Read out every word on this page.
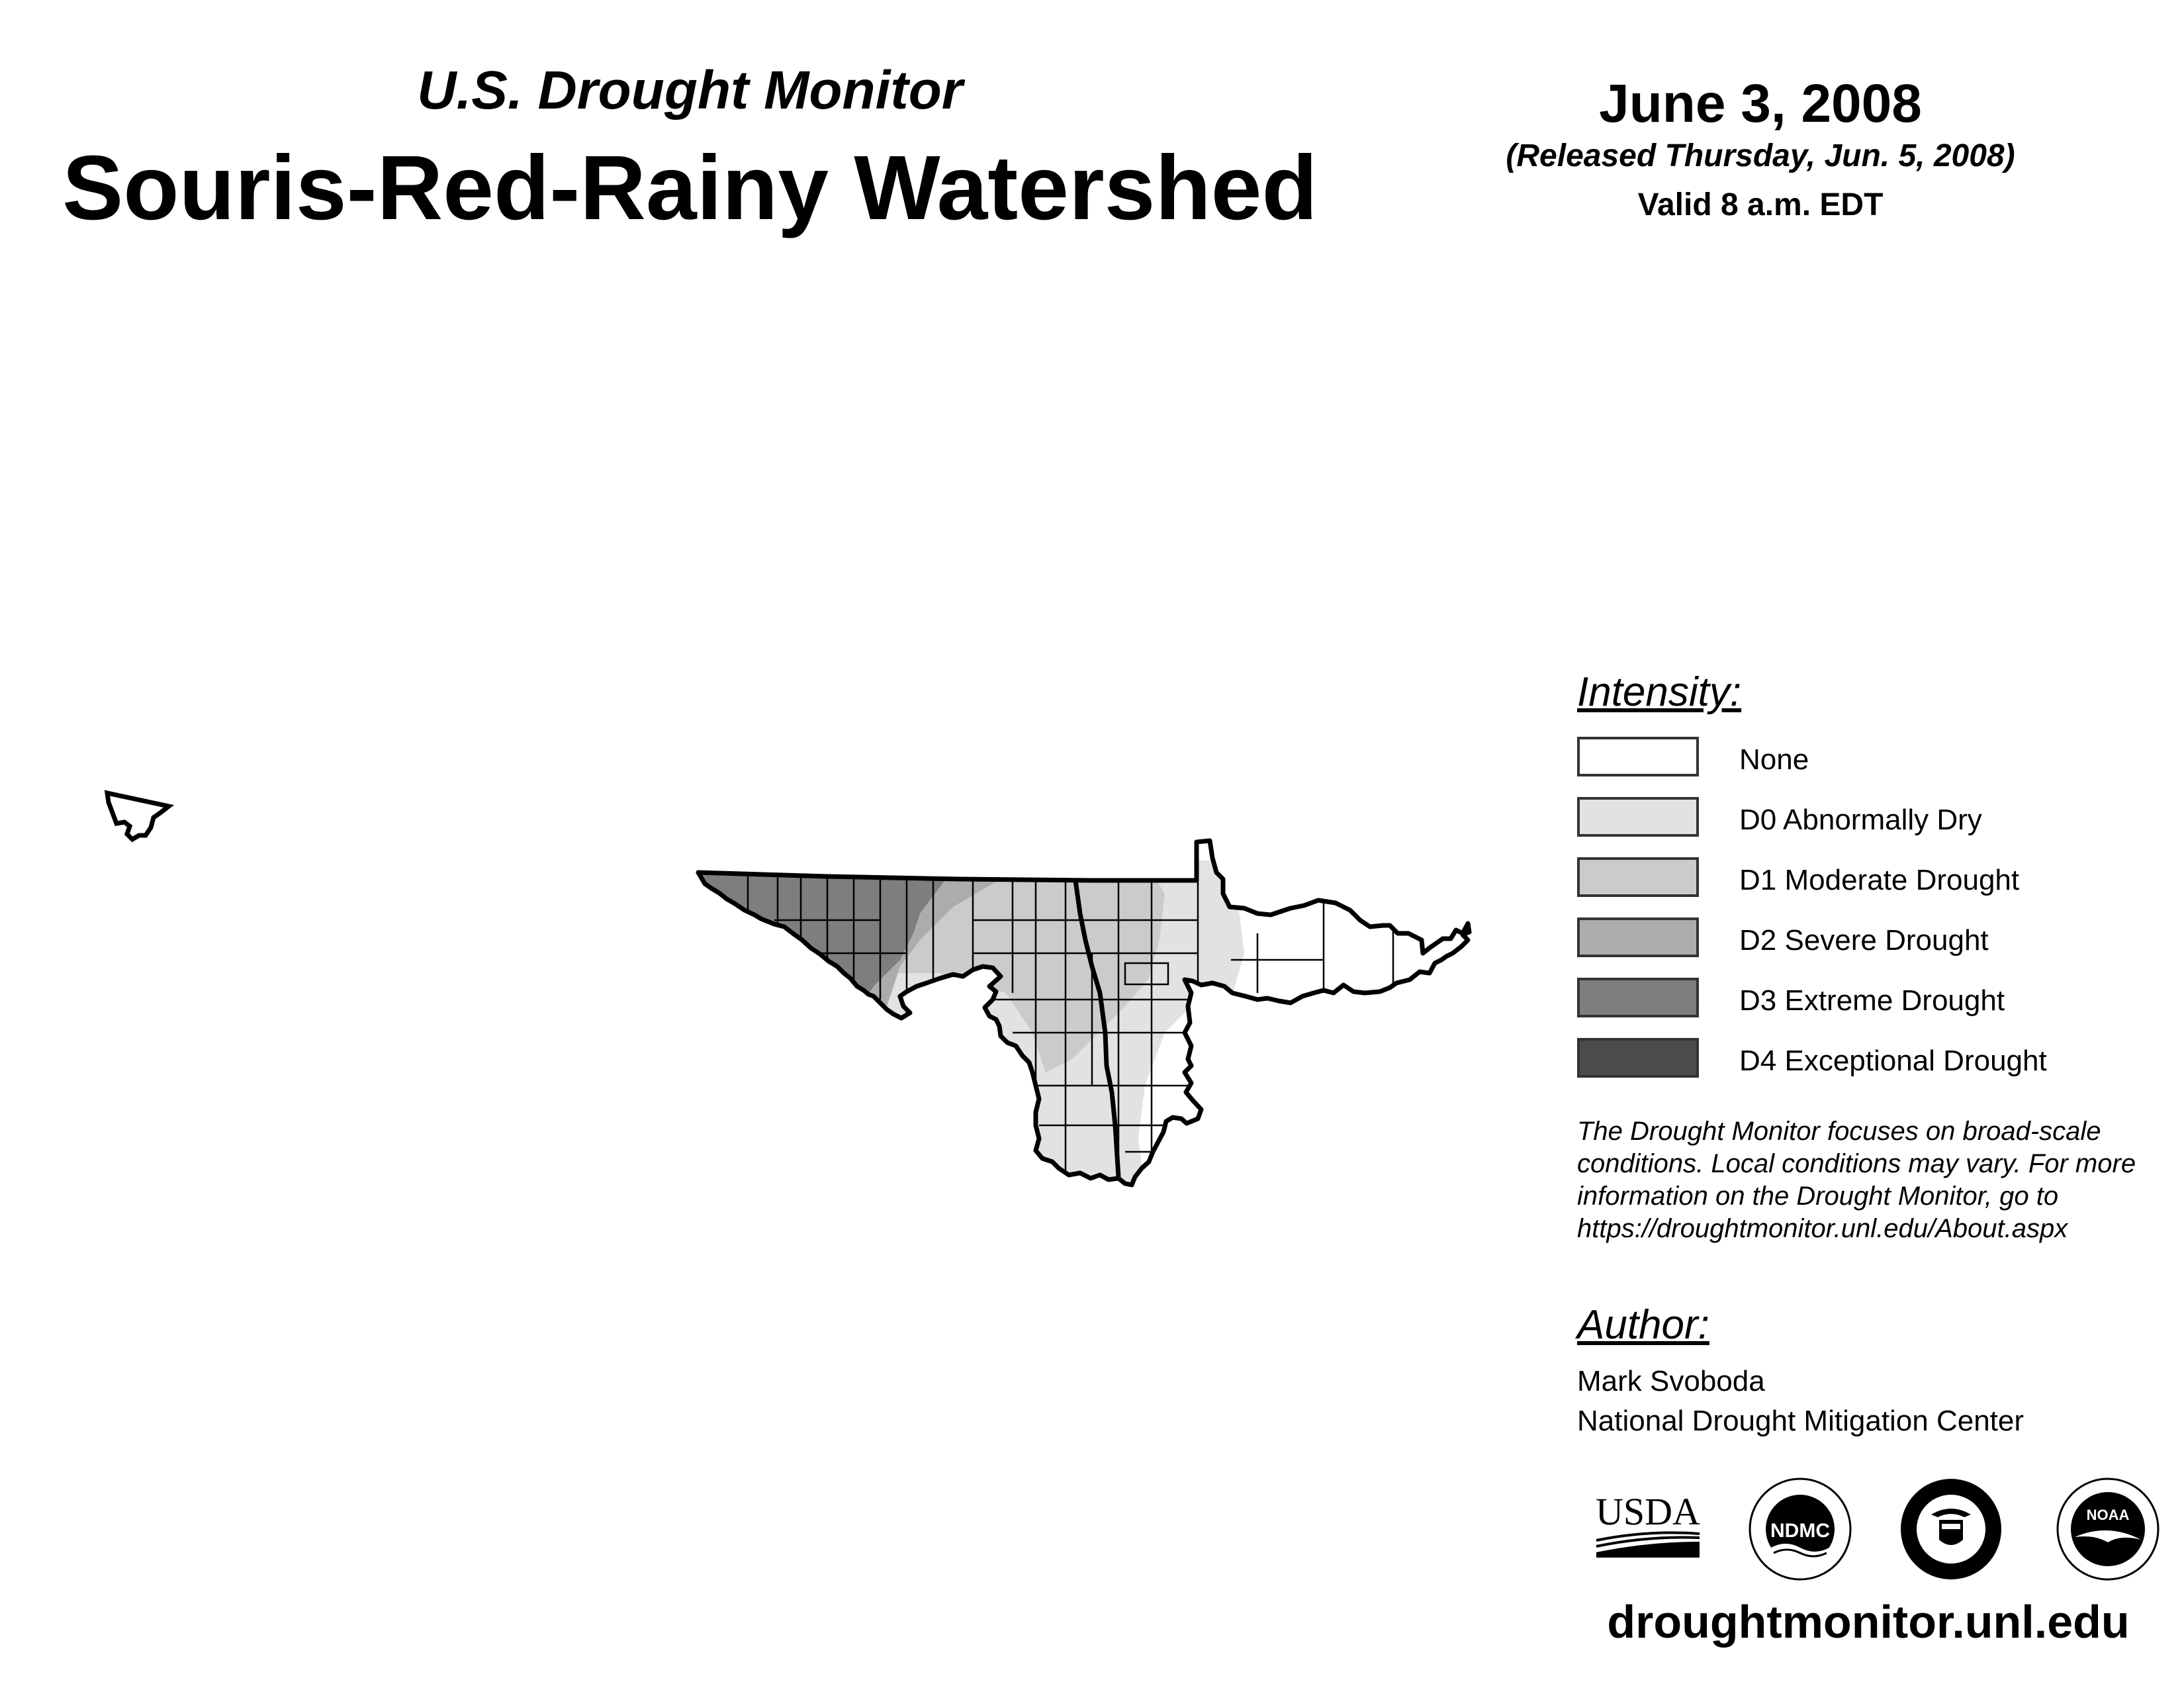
U.S. Drought Monitor
Souris-Red-Rainy Watershed
June 3, 2008
(Released Thursday, Jun. 5, 2008)
Valid 8 a.m. EDT
Intensity:
None
D0 Abnormally Dry
D1 Moderate Drought
D2 Severe Drought
D3 Extreme Drought
D4 Exceptional Drought
The Drought Monitor focuses on broad-scale conditions. Local conditions may vary. For more information on the Drought Monitor, go to https://droughtmonitor.unl.edu/About.aspx
Author:
Mark Svoboda
National Drought Mitigation Center
USDA	NDMC
NOAA
droughtmonitor.unl.edu
